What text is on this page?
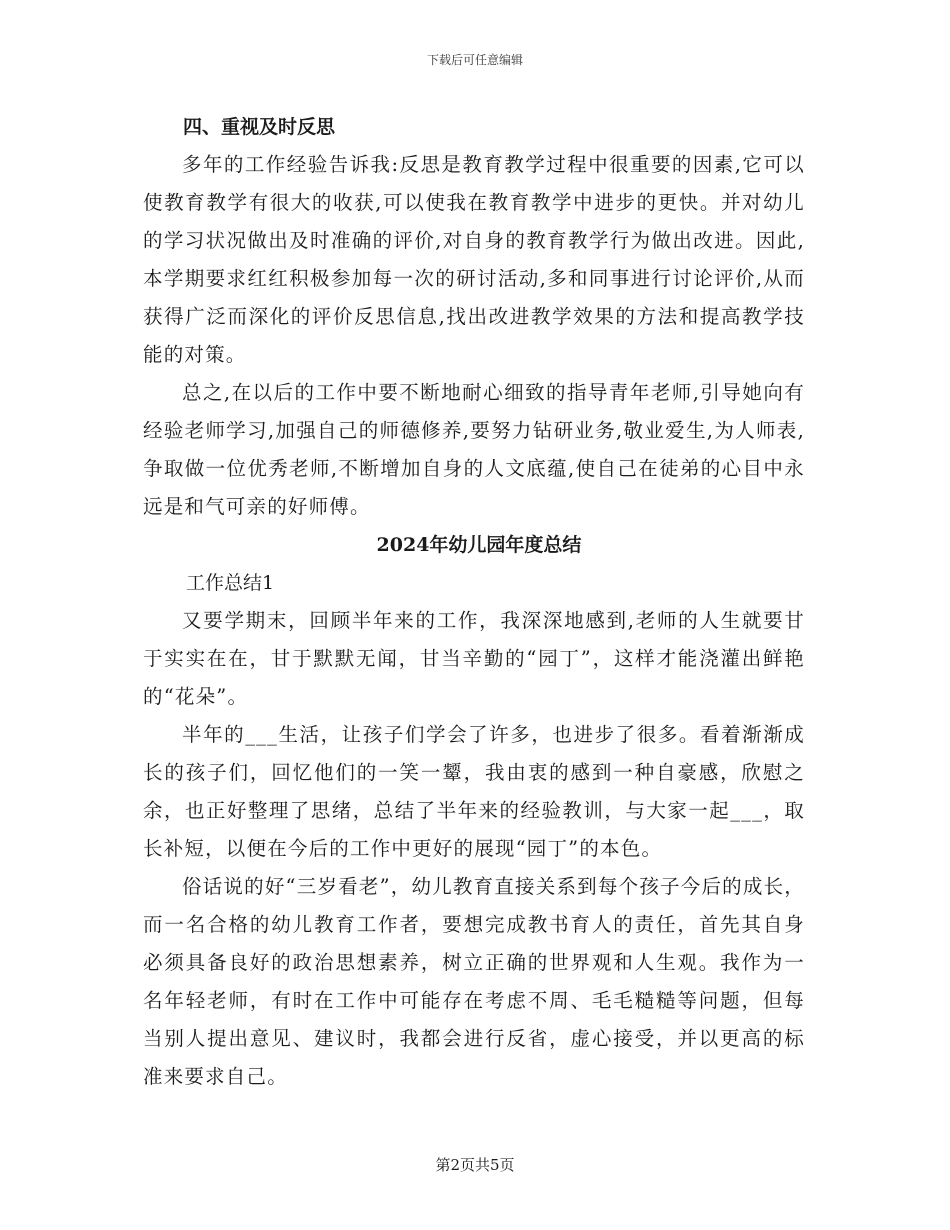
下载后可任意编辑
四、重视及时反思

多年的工作经验告诉我:反思是教育教学过程中很重要的因素,它可以使教育教学有很大的收获,可以使我在教育教学中进步的更快。并对幼儿的学习状况做出及时准确的评价,对自身的教育教学行为做出改进。因此,本学期要求红红积极参加每一次的研讨活动,多和同事进行讨论评价,从而获得广泛而深化的评价反思信息,找出改进教学效果的方法和提高教学技能的对策。

总之,在以后的工作中要不断地耐心细致的指导青年老师,引导她向有经验老师学习,加强自己的师德修养,要努力钻研业务,敬业爱生,为人师表,争取做一位优秀老师,不断增加自身的人文底蕴,使自己在徒弟的心目中永远是和气可亲的好师傅。

2024年幼儿园年度总结

工作总结1

又要学期末，回顾半年来的工作，我深深地感到,老师的人生就要甘于实实在在，甘于默默无闻，甘当辛勤的“园丁”，这样才能浇灌出鲜艳的“花朵”。

半年的___生活，让孩子们学会了许多，也进步了很多。看着渐渐成长的孩子们，回忆他们的一笑一颦，我由衷的感到一种自豪感，欣慰之余，也正好整理了思绪，总结了半年来的经验教训，与大家一起___，取长补短，以便在今后的工作中更好的展现“园丁”的本色。

俗话说的好“三岁看老”，幼儿教育直接关系到每个孩子今后的成长，而一名合格的幼儿教育工作者，要想完成教书育人的责任，首先其自身必须具备良好的政治思想素养，树立正确的世界观和人生观。我作为一名年轻老师，有时在工作中可能存在考虑不周、毛毛糙糙等问题，但每当别人提出意见、建议时，我都会进行反省，虚心接受，并以更高的标准来要求自己。

第2页共5页
